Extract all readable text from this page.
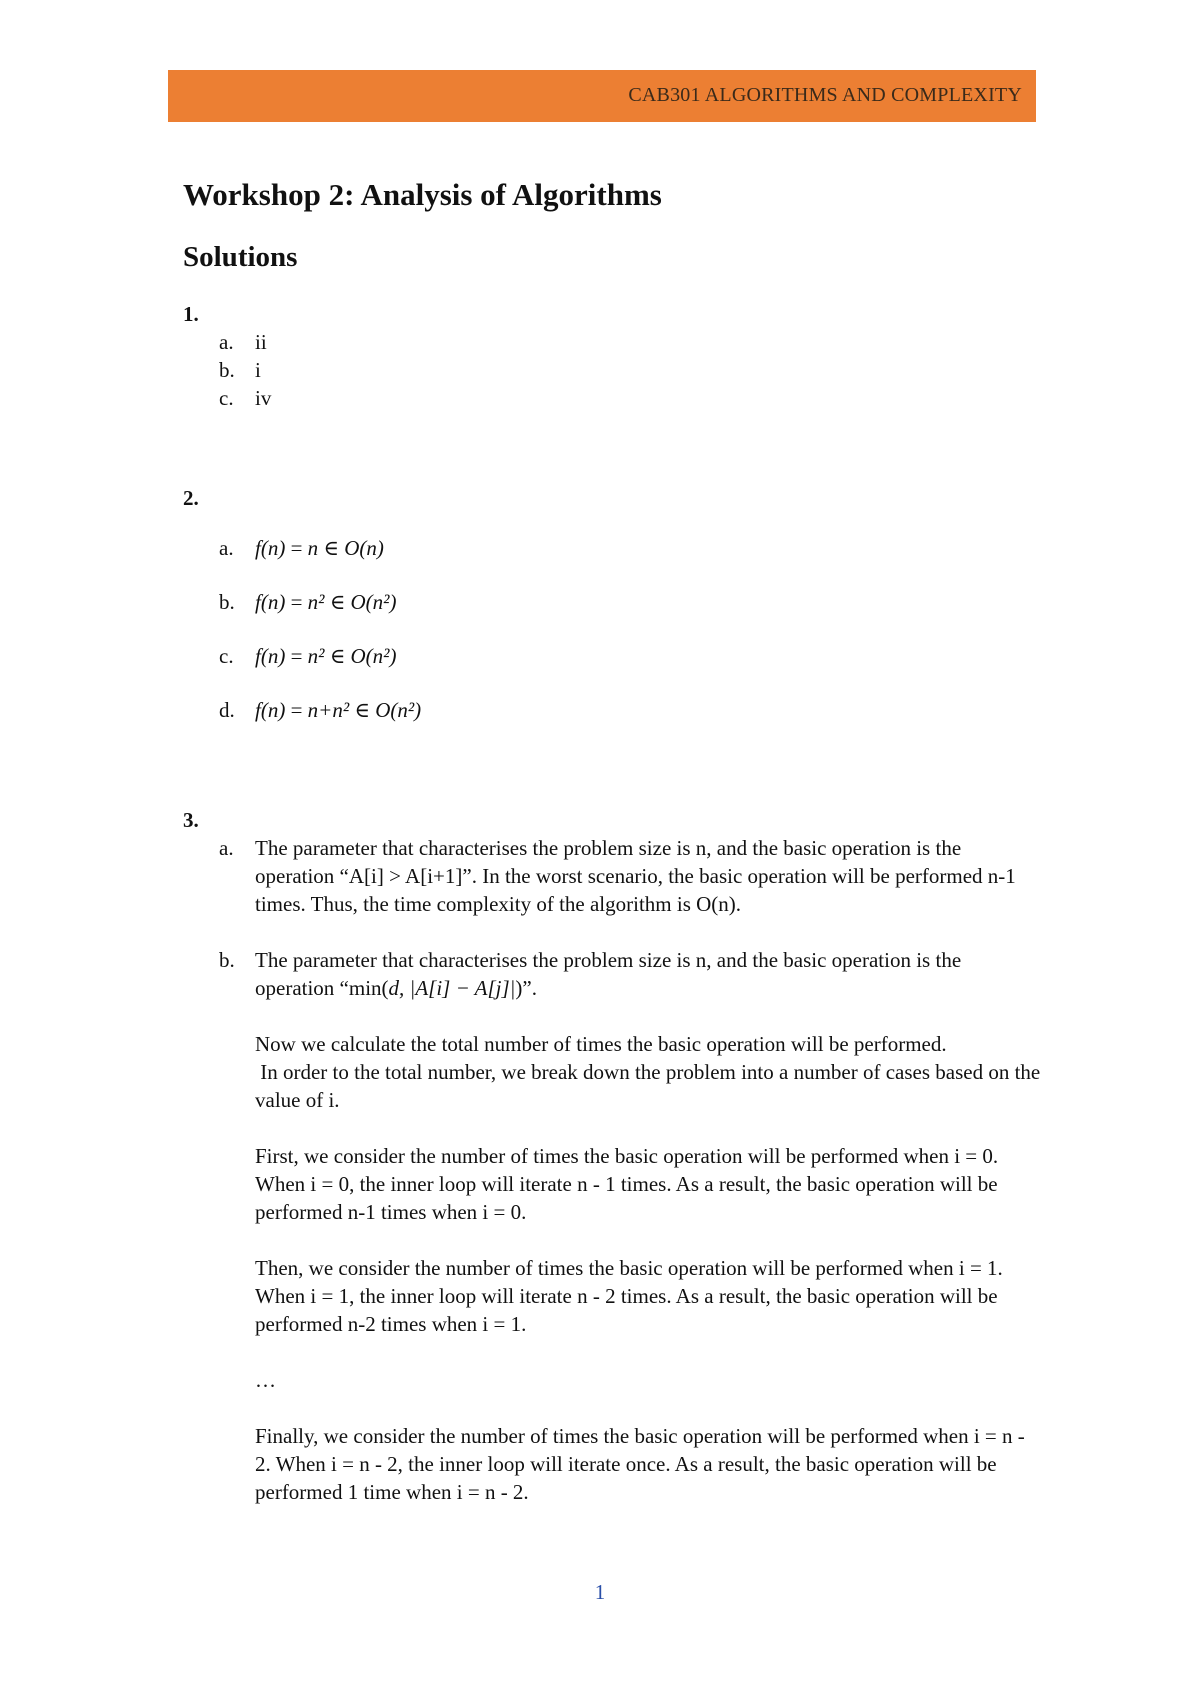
CAB301 ALGORITHMS AND COMPLEXITY
Workshop 2: Analysis of Algorithms
Solutions

1.

a. ii
b. i
c. iv

2.

a. f(n) = n ∈ O(n)
b. f(n) = n² ∈ O(n²)
c. f(n) = n² ∈ O(n²)
d. f(n) = n+n² ∈ O(n²)

3.

a. The parameter that characterises the problem size is n, and the basic operation is the operation “A[i] > A[i+1]”. In the worst scenario, the basic operation will be performed n-1 times. Thus, the time complexity of the algorithm is O(n).

b. The parameter that characterises the problem size is n, and the basic operation is the operation “min(d, |A[i] − A[j]|)”.

Now we calculate the total number of times the basic operation will be performed.

In order to the total number, we break down the problem into a number of cases based on the value of i.

First, we consider the number of times the basic operation will be performed when i = 0. When i = 0, the inner loop will iterate n - 1 times. As a result, the basic operation will be performed n-1 times when i = 0.

Then, we consider the number of times the basic operation will be performed when i = 1. When i = 1, the inner loop will iterate n - 2 times. As a result, the basic operation will be performed n-2 times when i = 1.

…

Finally, we consider the number of times the basic operation will be performed when i = n - 2. When i = n - 2, the inner loop will iterate once. As a result, the basic operation will be performed 1 time when i = n - 2.

1
